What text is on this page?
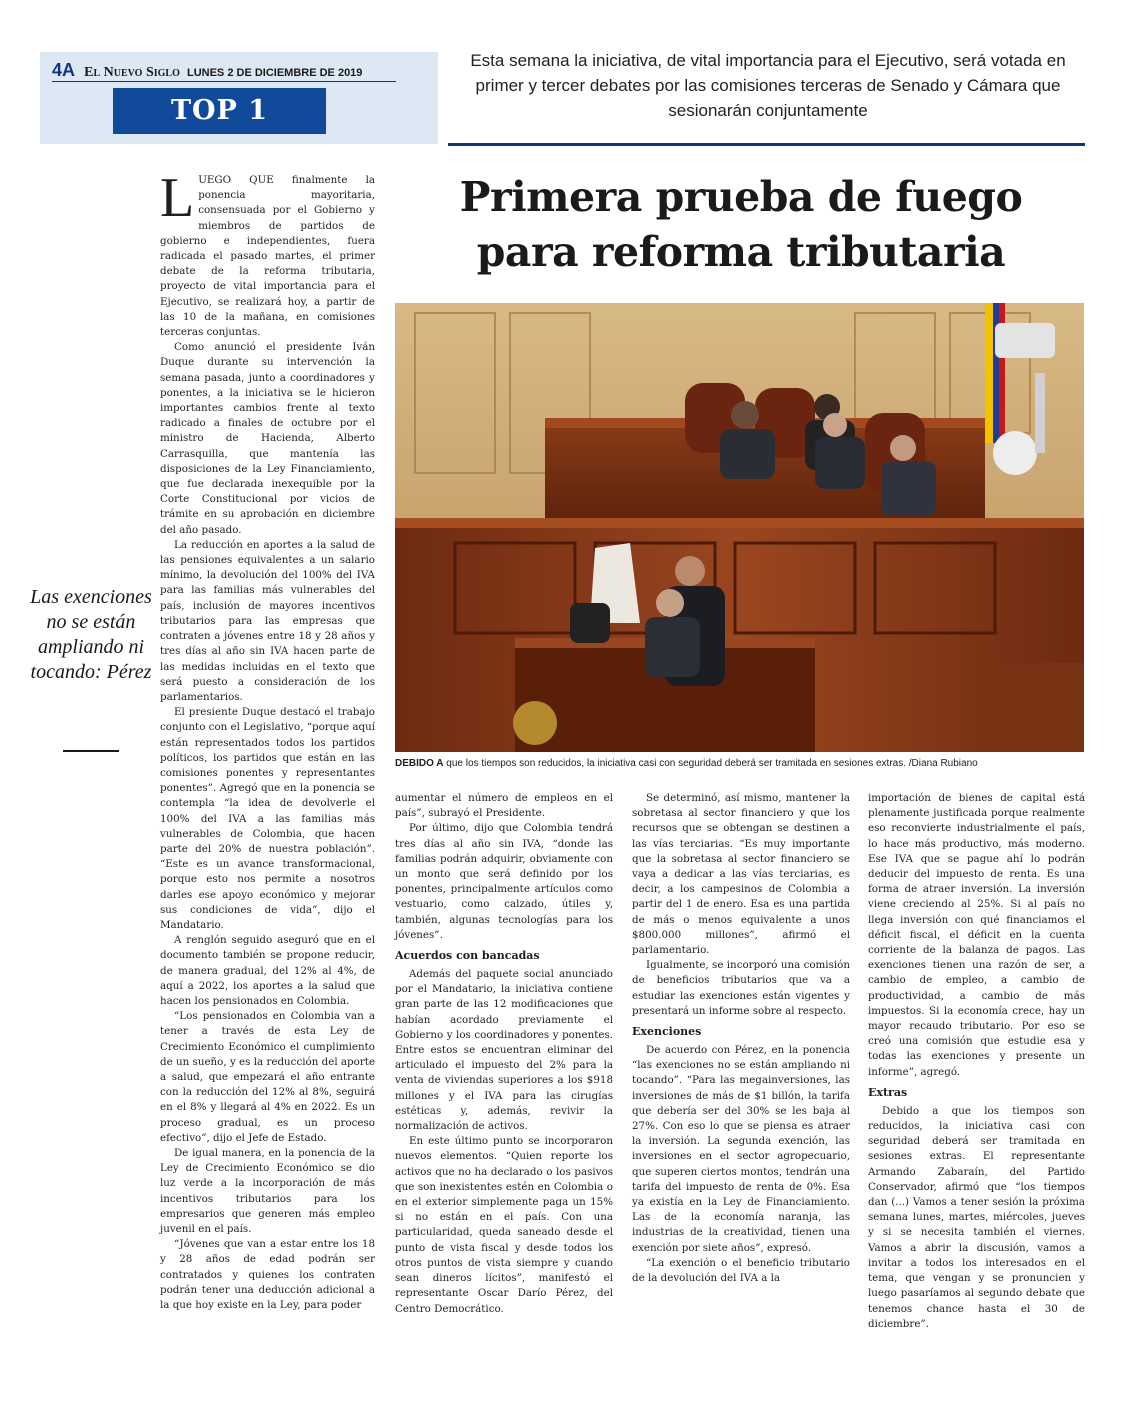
4A El Nuevo Siglo LUNES 2 DE DICIEMBRE DE 2019
TOP 1
Esta semana la iniciativa, de vital importancia para el Ejecutivo, será votada en primer y tercer debates por las comisiones terceras de Senado y Cámara que sesionarán conjuntamente
Primera prueba de fuego
para reforma tributaria
DEBIDO A que los tiempos son reducidos, la iniciativa casi con seguridad deberá ser tramitada en sesiones extras. /Diana Rubiano
Las exenciones no se están ampliando ni tocando: Pérez

LUEGO QUE finalmente la ponencia mayoritaria, consensuada por el Gobierno y miembros de partidos de gobierno e independientes, fuera radicada el pasado martes, el primer debate de la reforma tributaria, proyecto de vital importancia para el Ejecutivo, se realizará hoy, a partir de las 10 de la mañana, en comisiones terceras conjuntas.

Como anunció el presidente Iván Duque durante su intervención la semana pasada, junto a coordinadores y ponentes, a la iniciativa se le hicieron importantes cambios frente al texto radicado a finales de octubre por el ministro de Hacienda, Alberto Carrasquilla, que mantenía las disposiciones de la Ley Financiamiento, que fue declarada inexequible por la Corte Constitucional por vicios de trámite en su aprobación en diciembre del año pasado.

La reducción en aportes a la salud de las pensiones equivalentes a un salario mínimo, la devolución del 100% del IVA para las familias más vulnerables del país, inclusión de mayores incentivos tributarios para las empresas que contraten a jóvenes entre 18 y 28 años y tres días al año sin IVA hacen parte de las medidas incluidas en el texto que será puesto a consideración de los parlamentarios.

El presiente Duque destacó el trabajo conjunto con el Legislativo, “porque aquí están representados todos los partidos políticos, los partidos que están en las comisiones ponentes y representantes ponentes”. Agregó que en la ponencia se contempla “la idea de devolverle el 100% del IVA a las familias más vulnerables de Colombia, que hacen parte del 20% de nuestra población”. “Este es un avance transformacional, porque esto nos permite a nosotros darles ese apoyo económico y mejorar sus condiciones de vida”, dijo el Mandatario.

A renglón seguido aseguró que en el documento también se propone reducir, de manera gradual, del 12% al 4%, de aquí a 2022, los aportes a la salud que hacen los pensionados en Colombia.

“Los pensionados en Colombia van a tener a través de esta Ley de Crecimiento Económico el cumplimiento de un sueño, y es la reducción del aporte a salud, que empezará el año entrante con la reducción del 12% al 8%, seguirá en el 8% y llegará al 4% en 2022. Es un proceso gradual, es un proceso efectivo”, dijo el Jefe de Estado.

De igual manera, en la ponencia de la Ley de Crecimiento Económico se dio luz verde a la incorporación de más incentivos tributarios para los empresarios que generen más empleo juvenil en el país.

“Jóvenes que van a estar entre los 18 y 28 años de edad podrán ser contratados y quienes los contraten podrán tener una deducción adicional a la que hoy existe en la Ley, para poder

aumentar el número de empleos en el país”, subrayó el Presidente.

Por último, dijo que Colombia tendrá tres días al año sin IVA, “donde las familias podrán adquirir, obviamente con un monto que será definido por los ponentes, principalmente artículos como vestuario, como calzado, útiles y, también, algunas tecnologías para los jóvenes”.

Acuerdos con bancadas

Además del paquete social anunciado por el Mandatario, la iniciativa contiene gran parte de las 12 modificaciones que habían acordado previamente el Gobierno y los coordinadores y ponentes. Entre estos se encuentran eliminar del articulado el impuesto del 2% para la venta de viviendas superiores a los $918 millones y el IVA para las cirugías estéticas y, además, revivir la normalización de activos.

En este último punto se incorporaron nuevos elementos. “Quien reporte los activos que no ha declarado o los pasivos que son inexistentes estén en Colombia o en el exterior simplemente paga un 15% si no están en el país. Con una particularidad, queda saneado desde el punto de vista fiscal y desde todos los otros puntos de vista siempre y cuando sean dineros lícitos”, manifestó el representante Oscar Darío Pérez, del Centro Democrático.

Se determinó, así mismo, mantener la sobretasa al sector financiero y que los recursos que se obtengan se destinen a las vías terciarias. “Es muy importante que la sobretasa al sector financiero se vaya a dedicar a las vías terciarias, es decir, a los campesinos de Colombia a partir del 1 de enero. Esa es una partida de más o menos equivalente a unos $800.000 millones”, afirmó el parlamentario.

Igualmente, se incorporó una comisión de beneficios tributarios que va a estudiar las exenciones están vigentes y presentará un informe sobre al respecto.

Exenciones

De acuerdo con Pérez, en la ponencia “las exenciones no se están ampliando ni tocando”. “Para las megainversiones, las inversiones de más de $1 billón, la tarifa que debería ser del 30% se les baja al 27%. Con eso lo que se piensa es atraer la inversión. La segunda exención, las inversiones en el sector agropecuario, que superen ciertos montos, tendrán una tarifa del impuesto de renta de 0%. Esa ya existía en la Ley de Financiamiento. Las de la economía naranja, las industrias de la creatividad, tienen una exención por siete años”, expresó.

“La exención o el beneficio tributario de la devolución del IVA a la

importación de bienes de capital está plenamente justificada porque realmente eso reconvierte industrialmente el país, lo hace más productivo, más moderno. Ese IVA que se pague ahí lo podrán deducir del impuesto de renta. Es una forma de atraer inversión. La inversión viene creciendo al 25%. Si al país no llega inversión con qué financiamos el déficit fiscal, el déficit en la cuenta corriente de la balanza de pagos. Las exenciones tienen una razón de ser, a cambio de empleo, a cambio de productividad, a cambio de más impuestos. Si la economía crece, hay un mayor recaudo tributario. Por eso se creó una comisión que estudie esa y todas las exenciones y presente un informe”, agregó.

Extras

Debido a que los tiempos son reducidos, la iniciativa casi con seguridad deberá ser tramitada en sesiones extras. El representante Armando Zabaraín, del Partido Conservador, afirmó que “los tiempos dan (...) Vamos a tener sesión la próxima semana lunes, martes, miércoles, jueves y si se necesita también el viernes. Vamos a abrir la discusión, vamos a invitar a todos los interesados en el tema, que vengan y se pronuncien y luego pasaríamos al segundo debate que tenemos chance hasta el 30 de diciembre”.
